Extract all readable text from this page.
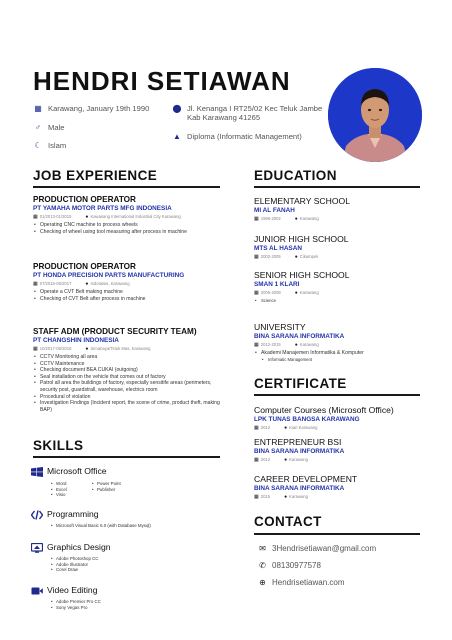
HENDRI SETIAWAN
▦ Karawang, January 19th 1990
♂ Male
☾ Islam
⬤ Jl. Kenanga I RT25/02 Kec Teluk Jambe
Kab Karawang 41265
▲ Diploma (Informatic Management)
JOB EXPERIENCE
PRODUCTION OPERATOR
PT YAMAHA MOTOR PARTS MFG INDONESIA
▦ 01/2013-01/2015	● Kawasang International Industrial City Karawang
• Operating CNC machine to process wheels
• Checking of wheel using tool measuring after process in machine
PRODUCTION OPERATOR
PT HONDA PRECISION PARTS MANUFACTURING
▦ 07/2015-06/2017	● Indotaisei, Karawang
• Operate a CVT Belt making machine
• Checking of CVT Belt after process in machine
STAFF ADM (PRODUCT SECURITY TEAM)
PT CHANGSHIN INDONESIA
▦ 10/2017-06/2018	● Sirnabaya/Teluk Mas, Karawang
• CCTV Monitoring all area
• CCTV Maintenance
• Checking document BEA CUKAI (outgoing)
• Seal installation on the vehicle that comes out of factory
• Patrol all area the buildings of factory, especially sensitife areas (perimeters, security post, guardstrall, warehouse, electrics room
• Procedural of violation
• Investigation Findings (Incident report, the scene of crime, product theft, making BAP)
SKILLS
Microsoft Office
• Word
• Excel
• Visio
• Power Point
• Publisher
Programming
• Microsoft Visual Basic 6.0 (with Database Mysql)
Graphics Design
• Adobe Photoshop CC
• Adobe Illustrator
• Corel Draw
Video Editing
• Adobe Premier Pro CC
• Sony Vegas Pro
EDUCATION
ELEMENTARY SCHOOL
MI AL FANAH
▦ 1996-2002	● Karawang
JUNIOR HIGH SCHOOL
MTS AL HASAN
▦ 2002-2005	● Cikampek
SENIOR HIGH SCHOOL
SMAN 1 KLARI
▦ 2005-2008	● Karawang
• Science
UNIVERSITY
BINA SARANA INFORMATIKA
▦ 2012-2015	● Karawang
• Akademi Manajemen Informatika & Komputer
• Informatic Management
CERTIFICATE
Computer Courses (Microsoft Office)
LPK TUNAS BANGSA KARAWANG
▦ 2012	● Kiari Karawang
ENTREPRENEUR BSI
BINA SARANA INFORMATIKA
▦ 2012	● Karawang
CAREER DEVELOPMENT
BINA SARANA INFORMATIKA
▦ 2015	● Karawang
CONTACT
✉ 3Hendrisetiawan@gmail.com
✆ 08130977578
⊕ Hendrisetiawan.com
